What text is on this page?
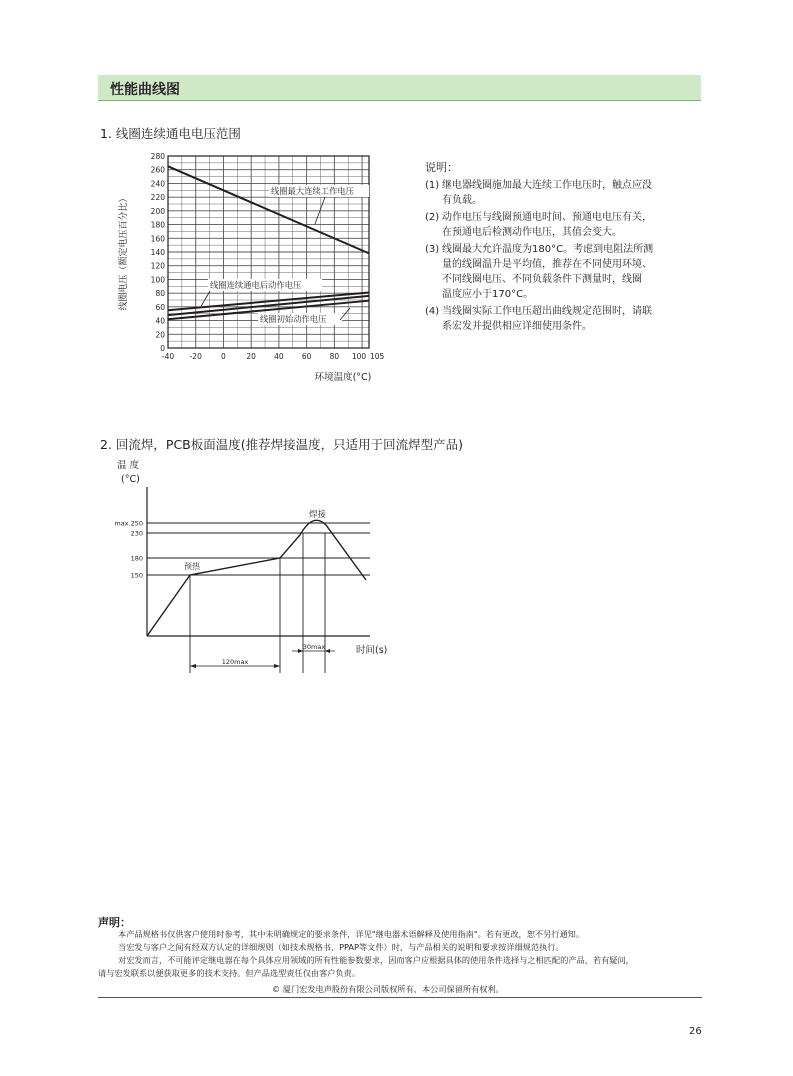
性能曲线图
1. 线圈连续通电电压范围
0
20
40
60
80
100
120
140
160
180
200
220
240
260
280
-40 -20	0	20 40 60 80 100 105
线圈电压（额定电压百分比）
环境温度(°C)
线圈最大连续工作电压
线圈连续通电后动作电压
线圈初始动作电压
说明：
(1) 继电器线圈施加最大连续工作电压时，触点应没
有负载。
(2) 动作电压与线圈预通电时间、预通电电压有关，
在预通电后检测动作电压，其值会变大。
(3) 线圈最大允许温度为180°C。考虑到电阻法所测
量的线圈温升是平均值，推荐在不同使用环境、
不同线圈电压、不同负载条件下测量时，线圈
温度应小于170°C。
(4) 当线圈实际工作电压超出曲线规定范围时，请联
系宏发并提供相应详细使用条件。
2. 回流焊，PCB板面温度(推荐焊接温度，只适用于回流焊型产品)
温 度
(°C)
max.250
230
180
150
预热
焊接
30max	时间(s)
120max
声明：
本产品规格书仅供客户使用时参考，其中未明确规定的要求条件，详见"继电器术语解释及使用指南"。若有更改，恕不另行通知。
当宏发与客户之间有经双方认定的详细规则（如技术规格书、PPAP等文件）时，与产品相关的说明和要求按详细规范执行。
对宏发而言，不可能评定继电器在每个具体应用领域的所有性能参数要求，因而客户应根据具体的使用条件选择与之相匹配的产品，若有疑问，
请与宏发联系以便获取更多的技术支持。但产品选型责任仅由客户负责。
© 厦门宏发电声股份有限公司版权所有，本公司保留所有权利。
26
